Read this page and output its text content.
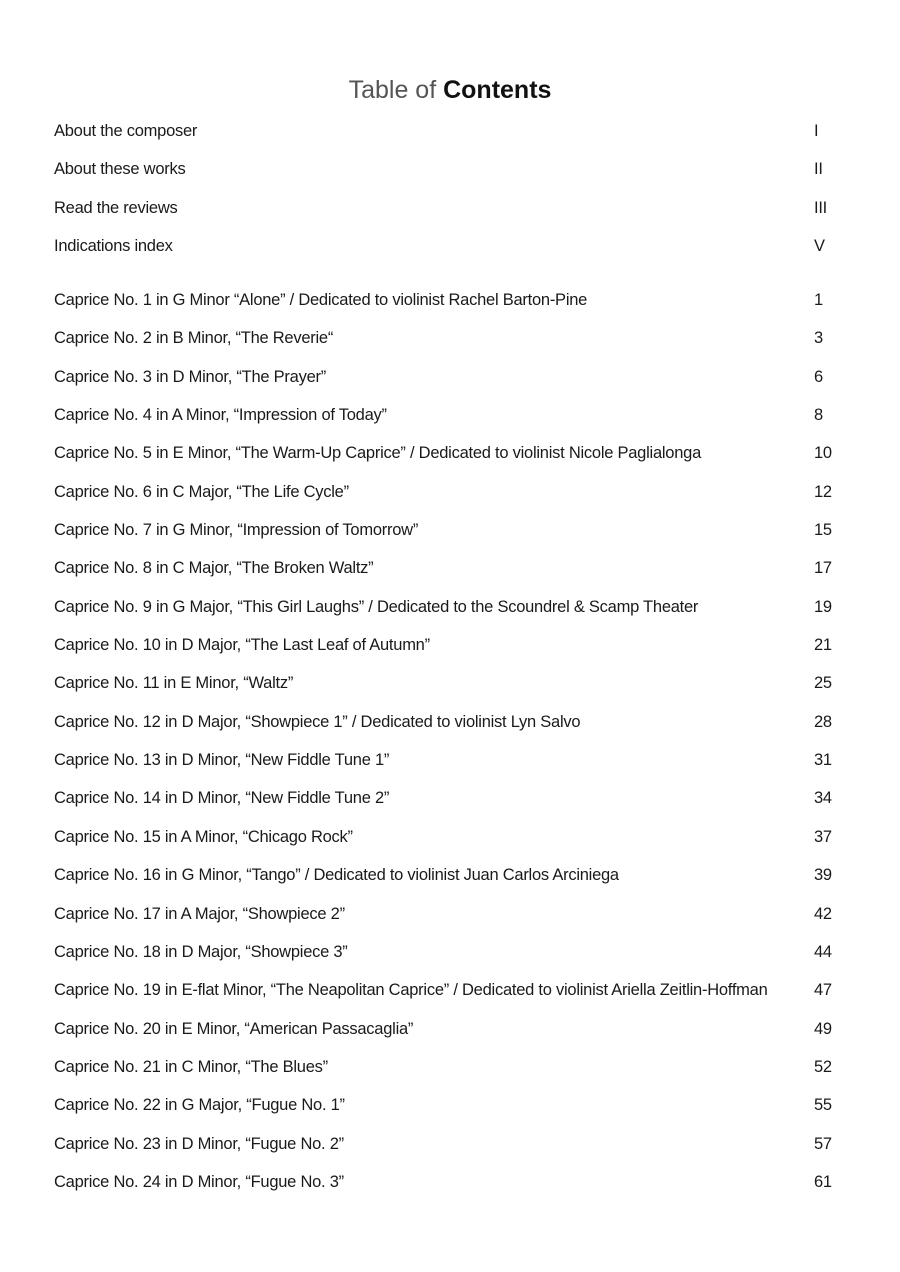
Table of Contents
About the composer	I
About these works	II
Read the reviews	III
Indications index	V
Caprice No. 1 in G Minor “Alone” / Dedicated to violinist Rachel Barton-Pine	1
Caprice No. 2 in B Minor, “The Reverie“	3
Caprice No. 3 in D Minor, “The Prayer”	6
Caprice No. 4 in A Minor, “Impression of Today”	8
Caprice No. 5 in E Minor, “The Warm-Up Caprice” / Dedicated to violinist Nicole Paglialonga	10
Caprice No. 6 in C Major, “The Life Cycle”	12
Caprice No. 7 in G Minor, “Impression of Tomorrow”	15
Caprice No. 8 in C Major, “The Broken Waltz”	17
Caprice No. 9 in G Major, “This Girl Laughs” / Dedicated to the Scoundrel & Scamp Theater	19
Caprice No. 10 in D Major, “The Last Leaf of Autumn”	21
Caprice No. 11 in E Minor, “Waltz”	25
Caprice No. 12 in D Major, “Showpiece 1” / Dedicated to violinist Lyn Salvo	28
Caprice No. 13 in D Minor, “New Fiddle Tune 1”	31
Caprice No. 14 in D Minor, “New Fiddle Tune 2”	34
Caprice No. 15 in A Minor, “Chicago Rock”	37
Caprice No. 16 in G Minor, “Tango” / Dedicated to violinist Juan Carlos Arciniega	39
Caprice No. 17 in A Major, “Showpiece 2”	42
Caprice No. 18 in D Major, “Showpiece 3”	44
Caprice No. 19 in E-flat Minor, “The Neapolitan Caprice” / Dedicated to violinist Ariella Zeitlin-Hoffman	47
Caprice No. 20 in E Minor, “American Passacaglia”	49
Caprice No. 21 in C Minor, “The Blues”	52
Caprice No. 22 in G Major, “Fugue No. 1”	55
Caprice No. 23 in D Minor, “Fugue No. 2”	57
Caprice No. 24 in D Minor, “Fugue No. 3”	61
